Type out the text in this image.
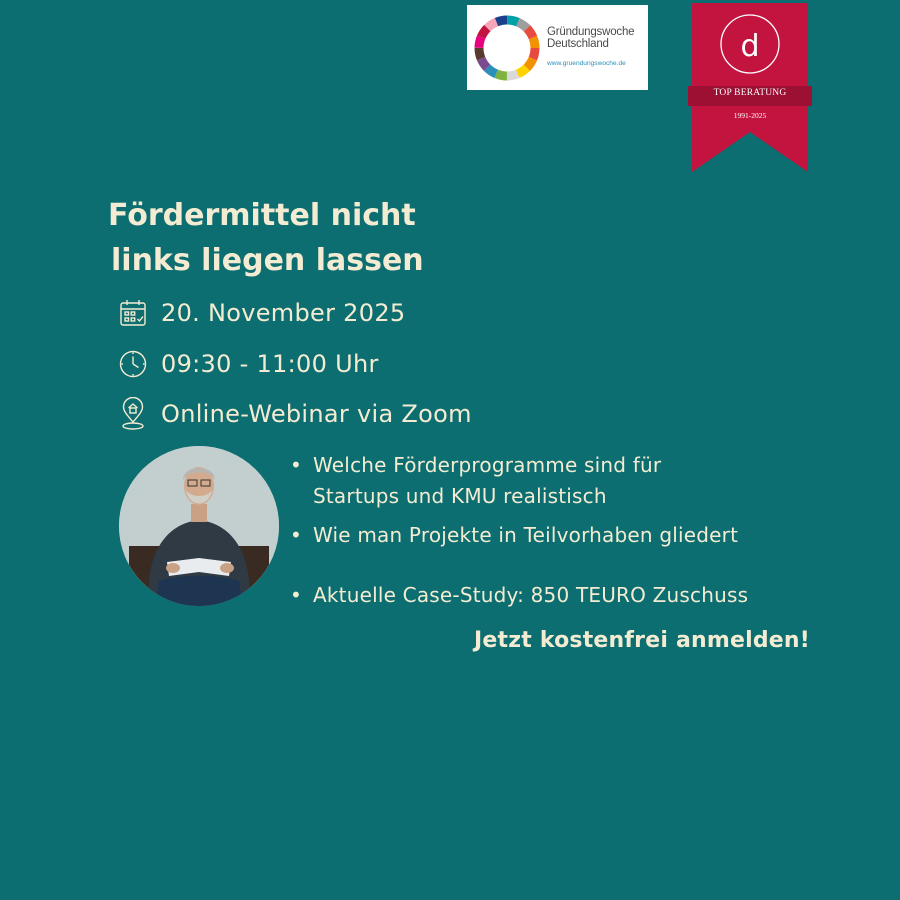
Gründungswoche
Deutschland
www.gruendungswoche.de	d
TOP BERATUNG
1991-2025
Fördermittel nicht
links liegen lassen
20. November 2025
09:30 - 11:00 Uhr
Online-Webinar via Zoom
• Welche Förderprogramme sind für Startups und KMU realistisch
• Wie man Projekte in Teilvorhaben gliedert
• Aktuelle Case-Study: 850 TEURO Zuschuss
Jetzt kostenfrei anmelden!
